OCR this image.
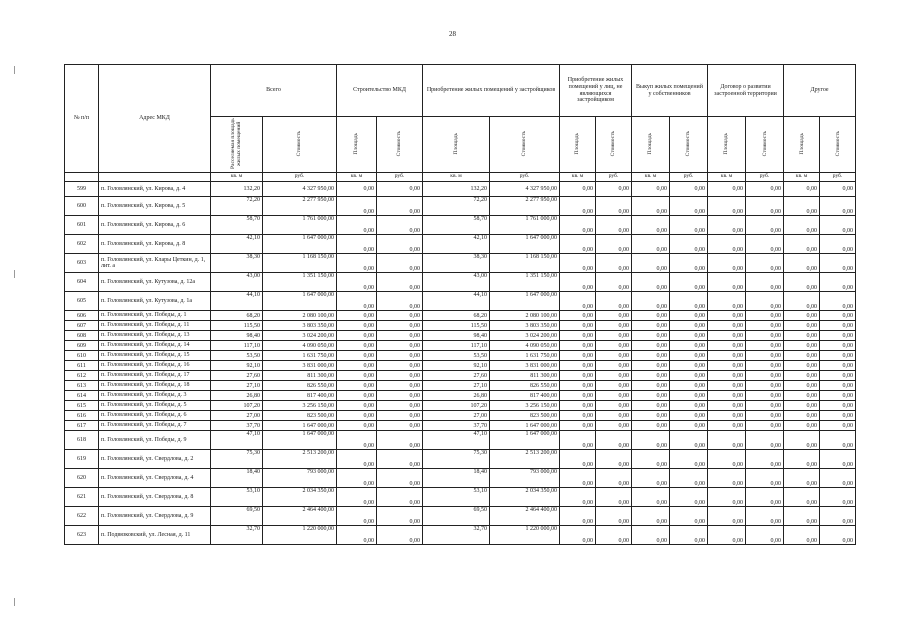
28
№ п/п	Адрес МКД	Всего		Строительство МКД		Приобретение жилых помещений у застройщиков		Приобретение жилых помещений у лиц, не являющихся застройщиком		Выкуп жилых помещений у собственников		Договор о развитии застроенной территории		Другое	
		Расселяемая площадь жилых помещений	Стоимость	Площадь	Стоимость	Площадь	Стоимость	Площадь	Стоимость	Площадь	Стоимость	Площадь	Стоимость	Площадь	Стоимость
		кв. м	руб.	кв. м	руб.	кв. м	руб.	кв. м	руб.	кв. м	руб.	кв. м	руб.	кв. м	руб.
599	п. Головлянский, ул. Кирова, д. 4	132,20	4 327 950,00	0,00	0,00	132,20	4 327 950,00	0,00	0,00	0,00	0,00	0,00	0,00	0,00	0,00
600	п. Головлянский, ул. Кирова, д. 5	72,20	2 277 950,00	0,00	0,00	72,20	2 277 950,00	0,00	0,00	0,00	0,00	0,00	0,00	0,00	0,00
601	п. Головлянский, ул. Кирова, д. 6	58,70	1 761 000,00	0,00	0,00	58,70	1 761 000,00	0,00	0,00	0,00	0,00	0,00	0,00	0,00	0,00
602	п. Головлянский, ул. Кирова, д. 8	42,10	1 647 000,00	0,00	0,00	42,10	1 647 000,00	0,00	0,00	0,00	0,00	0,00	0,00	0,00	0,00
603	п. Головлянский, ул. Клары Цеткин, д. 1, лит. а	38,30	1 168 150,00	0,00	0,00	38,30	1 168 150,00	0,00	0,00	0,00	0,00	0,00	0,00	0,00	0,00
604	п. Головлянский, ул. Кутузова, д. 12а	43,00	1 351 150,00	0,00	0,00	43,00	1 351 150,00	0,00	0,00	0,00	0,00	0,00	0,00	0,00	0,00
605	п. Головлянский, ул. Кутузова, д. 1а	44,10	1 647 000,00	0,00	0,00	44,10	1 647 000,00	0,00	0,00	0,00	0,00	0,00	0,00	0,00	0,00
606	п. Головлянский, ул. Победы, д. 1	68,20	2 080 100,00	0,00	0,00	68,20	2 080 100,00	0,00	0,00	0,00	0,00	0,00	0,00	0,00	0,00
607	п. Головлянский, ул. Победы, д. 11	115,50	3 803 350,00	0,00	0,00	115,50	3 803 350,00	0,00	0,00	0,00	0,00	0,00	0,00	0,00	0,00
608	п. Головлянский, ул. Победы, д. 13	98,40	3 024 200,00	0,00	0,00	98,40	3 024 200,00	0,00	0,00	0,00	0,00	0,00	0,00	0,00	0,00
609	п. Головлянский, ул. Победы, д. 14	117,10	4 090 050,00	0,00	0,00	117,10	4 090 050,00	0,00	0,00	0,00	0,00	0,00	0,00	0,00	0,00
610	п. Головлянский, ул. Победы, д. 15	53,50	1 631 750,00	0,00	0,00	53,50	1 631 750,00	0,00	0,00	0,00	0,00	0,00	0,00	0,00	0,00
611	п. Головлянский, ул. Победы, д. 16	92,10	3 831 000,00	0,00	0,00	92,10	3 831 000,00	0,00	0,00	0,00	0,00	0,00	0,00	0,00	0,00
612	п. Головлянский, ул. Победы, д. 17	27,60	811 300,00	0,00	0,00	27,60	811 300,00	0,00	0,00	0,00	0,00	0,00	0,00	0,00	0,00
613	п. Головлянский, ул. Победы, д. 18	27,10	826 550,00	0,00	0,00	27,10	826 550,00	0,00	0,00	0,00	0,00	0,00	0,00	0,00	0,00
614	п. Головлянский, ул. Победы, д. 3	26,80	817 400,00	0,00	0,00	26,80	817 400,00	0,00	0,00	0,00	0,00	0,00	0,00	0,00	0,00
615	п. Головлянский, ул. Победы, д. 5	107,20	3 256 150,00	0,00	0,00	107,20	3 256 150,00	0,00	0,00	0,00	0,00	0,00	0,00	0,00	0,00
616	п. Головлянский, ул. Победы, д. 6	27,00	823 500,00	0,00	0,00	27,00	823 500,00	0,00	0,00	0,00	0,00	0,00	0,00	0,00	0,00
617	п. Головлянский, ул. Победы, д. 7	37,70	1 647 000,00	0,00	0,00	37,70	1 647 000,00	0,00	0,00	0,00	0,00	0,00	0,00	0,00	0,00
618	п. Головлянский, ул. Победы, д. 9	47,10	1 647 000,00	0,00	0,00	47,10	1 647 000,00	0,00	0,00	0,00	0,00	0,00	0,00	0,00	0,00
619	п. Головлянский, ул. Свердлова, д. 2	75,30	2 513 200,00	0,00	0,00	75,30	2 513 200,00	0,00	0,00	0,00	0,00	0,00	0,00	0,00	0,00
620	п. Головлянский, ул. Свердлова, д. 4	18,40	793 000,00	0,00	0,00	18,40	793 000,00	0,00	0,00	0,00	0,00	0,00	0,00	0,00	0,00
621	п. Головлянский, ул. Свердлова, д. 8	53,10	2 034 350,00	0,00	0,00	53,10	2 034 350,00	0,00	0,00	0,00	0,00	0,00	0,00	0,00	0,00
622	п. Головлянский, ул. Свердлова, д. 9	69,50	2 464 400,00	0,00	0,00	69,50	2 464 400,00	0,00	0,00	0,00	0,00	0,00	0,00	0,00	0,00
623	п. Подвязковский, ул. Лесная, д. 11	32,70	1 220 000,00	0,00	0,00	32,70	1 220 000,00	0,00	0,00	0,00	0,00	0,00	0,00	0,00	0,00
